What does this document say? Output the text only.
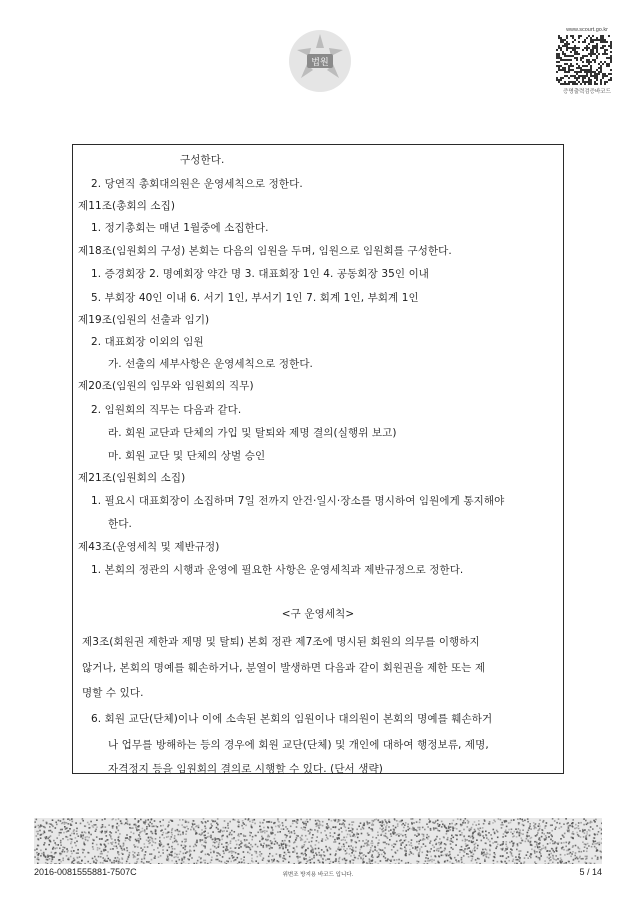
법원
www.scourt.go.kr
증명출력검증바코드
구성한다.
2. 당연직 총회대의원은 운영세칙으로 정한다.
제11조(총회의 소집)
1. 정기총회는 매년 1월중에 소집한다.
제18조(임원회의 구성) 본회는 다음의 임원을 두며, 임원으로 임원회를 구성한다.
1. 증경회장 2. 명예회장 약간 명 3. 대표회장 1인 4. 공동회장 35인 이내
5. 부회장 40인 이내 6. 서기 1인, 부서기 1인 7. 회계 1인, 부회계 1인
제19조(임원의 선출과 임기)
2. 대표회장 이외의 임원
가. 선출의 세부사항은 운영세칙으로 정한다.
제20조(임원의 임무와 임원회의 직무)
2. 임원회의 직무는 다음과 같다.
라. 회원 교단과 단체의 가입 및 탈퇴와 제명 결의(실행위 보고)
마. 회원 교단 및 단체의 상벌 승인
제21조(임원회의 소집)
1. 필요시 대표회장이 소집하며 7일 전까지 안건·일시·장소를 명시하여 임원에게 통지해야
한다.
제43조(운영세칙 및 제반규정)
1. 본회의 정관의 시행과 운영에 필요한 사항은 운영세칙과 제반규정으로 정한다.
<구 운영세칙>
제3조(회원권 제한과 제명 및 탈퇴) 본회 정관 제7조에 명시된 회원의 의무를 이행하지
않거나, 본회의 명예를 훼손하거나, 분열이 발생하면 다음과 같이 회원권을 제한 또는 제
명할 수 있다.
6. 회원 교단(단체)이나 이에 소속된 본회의 임원이나 대의원이 본회의 명예를 훼손하거
나 업무를 방해하는 등의 경우에 회원 교단(단체) 및 개인에 대하여 행정보류, 제명,
자격정지 등을 임원회의 결의로 시행할 수 있다. (단서 생략)
2016-0081555881-7507C	위변조 방지용 바코드 입니다.	5 / 14
